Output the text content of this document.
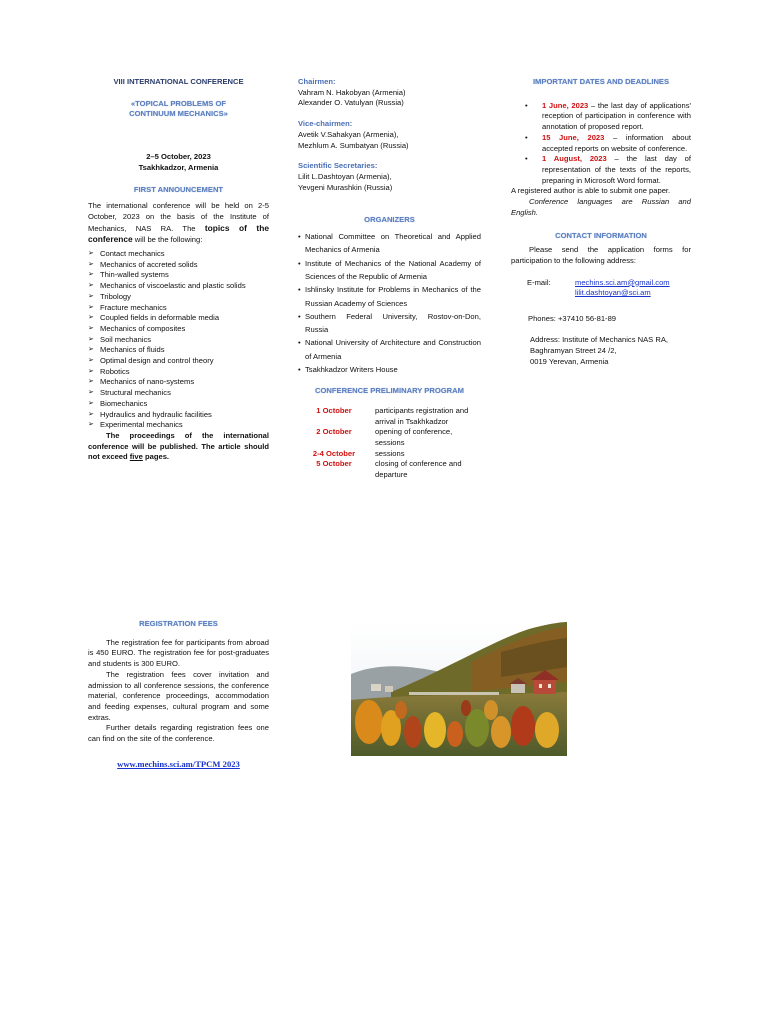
VIII INTERNATIONAL CONFERENCE
«TOPICAL PROBLEMS OF
CONTINUUM MECHANICS»
2–5 October, 2023
Tsakhkadzor, Armenia
FIRST ANNOUNCEMENT
The international conference will be held on 2-5 October, 2023 on the basis of the Institute of Mechanics, NAS RA. The topics of the conference will be the following:
➢ Contact mechanics
➢ Mechanics of accreted solids
➢ Thin-walled systems
➢ Mechanics of viscoelastic and plastic solids
➢ Tribology
➢ Fracture mechanics
➢ Coupled fields in deformable media
➢ Mechanics of composites
➢ Soil mechanics
➢ Mechanics of fluids
➢ Optimal design and control theory
➢ Robotics
➢ Mechanics of nano-systems
➢ Structural mechanics
➢ Biomechanics
➢ Hydraulics and hydraulic facilities
➢ Experimental mechanics
The proceedings of the international conference will be published. The article should not exceed five pages.
Chairmen:
Vahram N. Hakobyan (Armenia)
Alexander O. Vatulyan (Russia)
Vice-chairmen:
Avetik V.Sahakyan (Armenia),
Mezhlum A. Sumbatyan (Russia)
Scientific Secretaries:
Lilit L.Dashtoyan (Armenia),
Yevgeni Murashkin (Russia)
ORGANIZERS
• National Committee on Theoretical and Applied Mechanics of Armenia
• Institute of Mechanics of the National Academy of Sciences of the Republic of Armenia
• Ishlinsky Institute for Problems in Mechanics of the Russian Academy of Sciences
• Southern Federal University, Rostov-on-Don, Russia
• National University of Architecture and Construction of Armenia
• Tsakhkadzor Writers House
CONFERENCE PRELIMINARY PROGRAM
1 October	participants registration and arrival in Tsakhkadzor
2 October	opening of conference, sessions
2-4 October	sessions
5 October	closing of conference and departure
IMPORTANT DATES AND DEADLINES
• 1 June, 2023 – the last day of applications' reception of participation in conference with annotation of proposed report.
• 15 June, 2023 – information about accepted reports on website of conference.
• 1 August, 2023 – the last day of representation of the texts of the reports, preparing in Microsoft Word format.
A registered author is able to submit one paper.
Conference languages are Russian and English.
CONTACT INFORMATION
Please send the application forms for participation to the following address:
E-mail:	mechins.sci.am@gmail.com
lilit.dashtoyan@sci.am
Phones: +37410 56-81-89
Address: Institute of Mechanics NAS RA,
Baghramyan Street 24 /2,
0019 Yerevan, Armenia
REGISTRATION FEES
The registration fee for participants from abroad is 450 EURO. The registration fee for post-graduates and students is 300 EURO.
The registration fees cover invitation and admission to all conference sessions, the conference material, conference proceedings, accommodation and feeding expenses, cultural program and some extras.
Further details regarding registration fees one can find on the site of the conference.
www.mechins.sci.am/TPCM 2023
